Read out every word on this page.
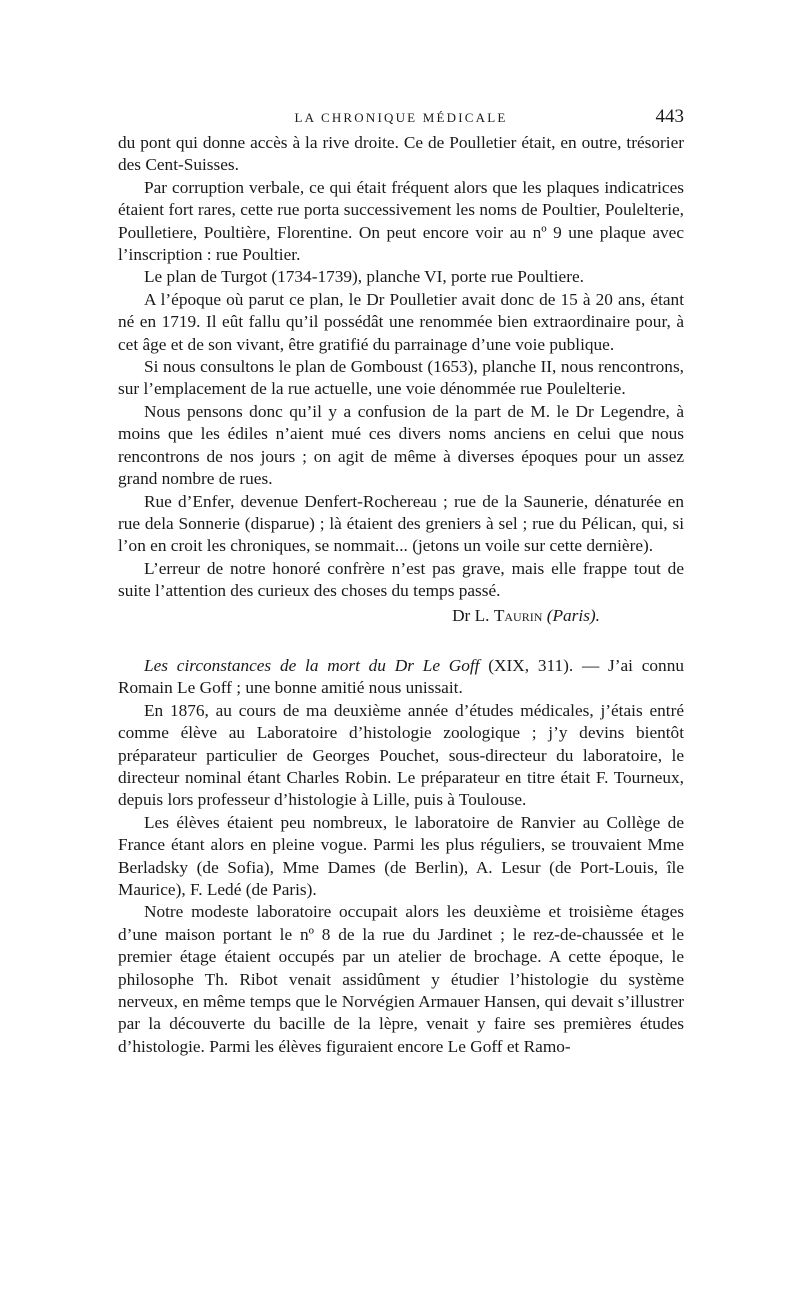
LA CHRONIQUE MÉDICALE	443

du pont qui donne accès à la rive droite. Ce de Poulletier était, en outre, trésorier des Cent-Suisses.

Par corruption verbale, ce qui était fréquent alors que les plaques indicatrices étaient fort rares, cette rue porta successivement les noms de Poultier, Poulelterie, Poulletiere, Poultière, Florentine. On peut encore voir au nº 9 une plaque avec l’inscription : rue Poultier.

Le plan de Turgot (1734-1739), planche VI, porte rue Poultiere.

A l’époque où parut ce plan, le Dr Poulletier avait donc de 15 à 20 ans, étant né en 1719. Il eût fallu qu’il possédât une renommée bien extraordinaire pour, à cet âge et de son vivant, être gratifié du parrainage d’une voie publique.

Si nous consultons le plan de Gomboust (1653), planche II, nous rencontrons, sur l’emplacement de la rue actuelle, une voie dénommée rue Poulelterie.

Nous pensons donc qu’il y a confusion de la part de M. le Dr Legendre, à moins que les édiles n’aient mué ces divers noms anciens en celui que nous rencontrons de nos jours ; on agit de même à diverses époques pour un assez grand nombre de rues.

Rue d’Enfer, devenue Denfert-Rochereau ; rue de la Saunerie, dénaturée en rue dela Sonnerie (disparue) ; là étaient des greniers à sel ; rue du Pélican, qui, si l’on en croit les chroniques, se nommait... (jetons un voile sur cette dernière).

L’erreur de notre honoré confrère n’est pas grave, mais elle frappe tout de suite l’attention des curieux des choses du temps passé.

Dr L. Taurin (Paris).

Les circonstances de la mort du Dr Le Goff (XIX, 311). — J’ai connu Romain Le Goff ; une bonne amitié nous unissait.

En 1876, au cours de ma deuxième année d’études médicales, j’étais entré comme élève au Laboratoire d’histologie zoologique ; j’y devins bientôt préparateur particulier de Georges Pouchet, sous-directeur du laboratoire, le directeur nominal étant Charles Robin. Le préparateur en titre était F. Tourneux, depuis lors professeur d’histologie à Lille, puis à Toulouse.

Les élèves étaient peu nombreux, le laboratoire de Ranvier au Collège de France étant alors en pleine vogue. Parmi les plus réguliers, se trouvaient Mme Berladsky (de Sofia), Mme Dames (de Berlin), A. Lesur (de Port-Louis, île Maurice), F. Ledé (de Paris).

Notre modeste laboratoire occupait alors les deuxième et troisième étages d’une maison portant le nº 8 de la rue du Jardinet ; le rez-de-chaussée et le premier étage étaient occupés par un atelier de brochage. A cette époque, le philosophe Th. Ribot venait assidûment y étudier l’histologie du système nerveux, en même temps que le Norvégien Armauer Hansen, qui devait s’illustrer par la découverte du bacille de la lèpre, venait y faire ses premières études d’histologie. Parmi les élèves figuraient encore Le Goff et Ramo-
